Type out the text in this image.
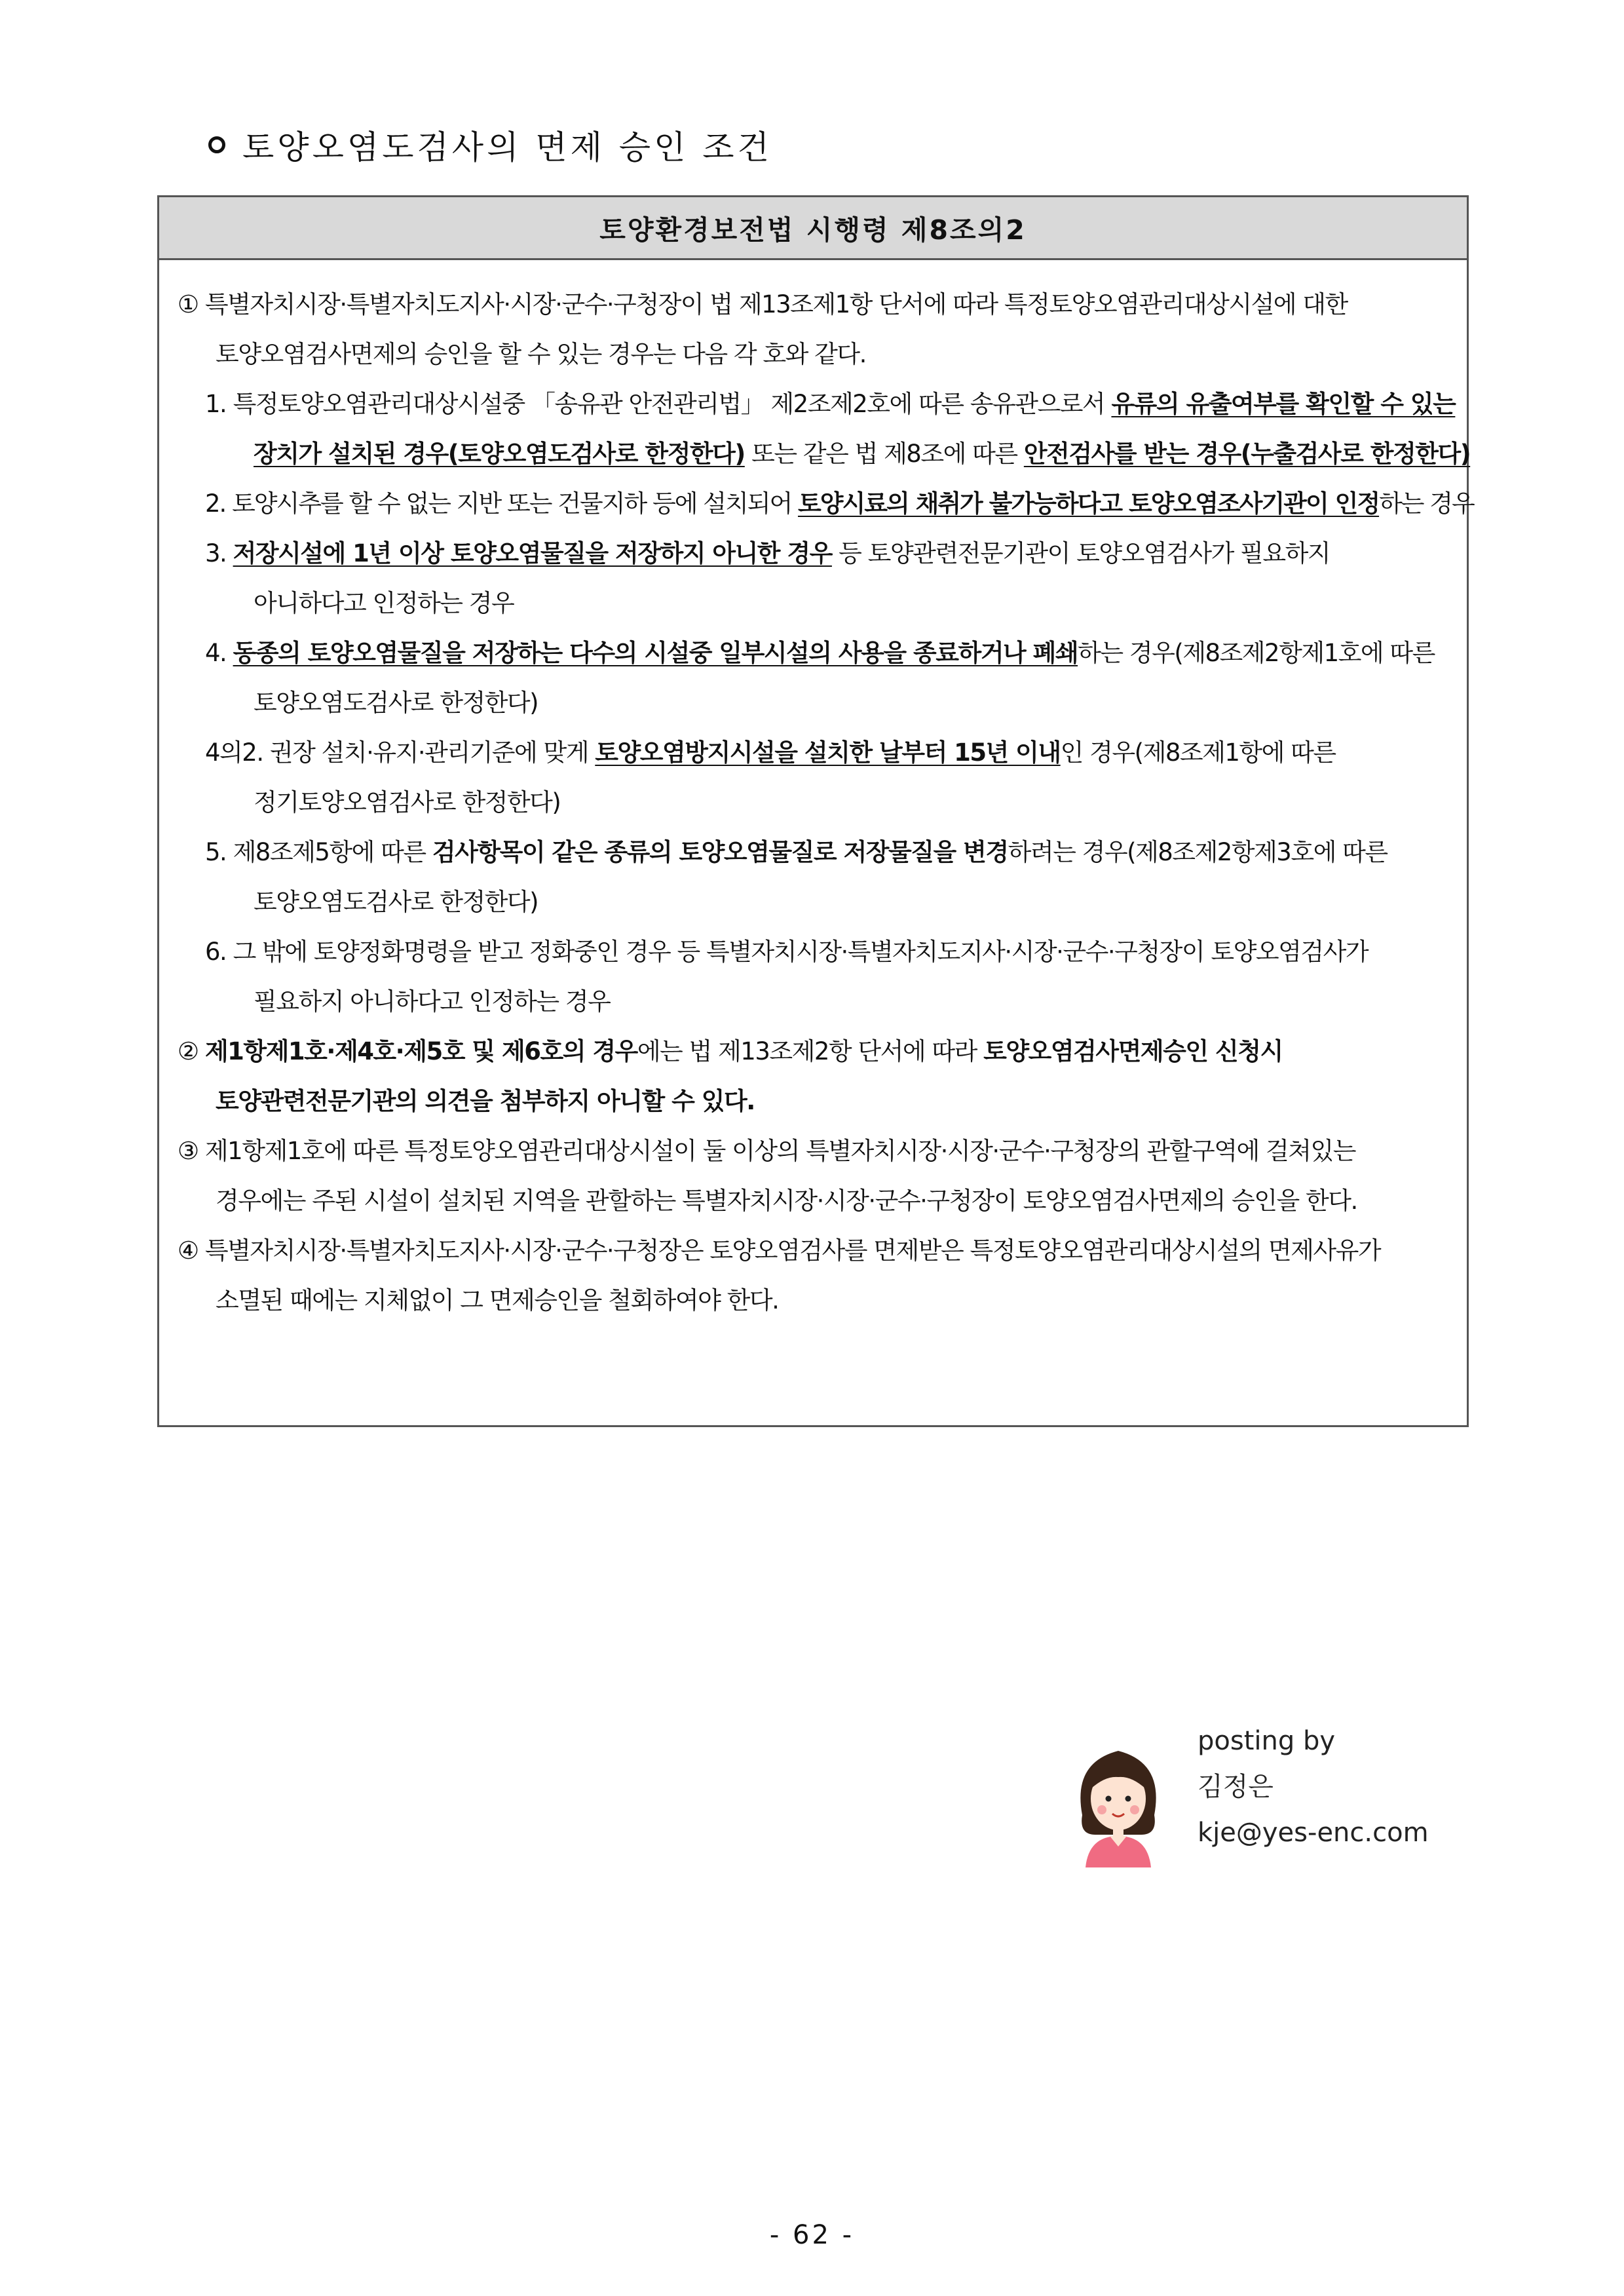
토양오염도검사의 면제 승인 조건
토양환경보전법 시행령 제8조의2
① 특별자치시장·특별자치도지사·시장·군수·구청장이 법 제13조제1항 단서에 따라 특정토양오염관리대상시설에 대한
토양오염검사면제의 승인을 할 수 있는 경우는 다음 각 호와 같다.
1. 특정토양오염관리대상시설중 「송유관 안전관리법」 제2조제2호에 따른 송유관으로서 유류의 유출여부를 확인할 수 있는
장치가 설치된 경우(토양오염도검사로 한정한다) 또는 같은 법 제8조에 따른 안전검사를 받는 경우(누출검사로 한정한다)
2. 토양시추를 할 수 없는 지반 또는 건물지하 등에 설치되어 토양시료의 채취가 불가능하다고 토양오염조사기관이 인정하는 경우
3. 저장시설에 1년 이상 토양오염물질을 저장하지 아니한 경우 등 토양관련전문기관이 토양오염검사가 필요하지
아니하다고 인정하는 경우
4. 동종의 토양오염물질을 저장하는 다수의 시설중 일부시설의 사용을 종료하거나 폐쇄하는 경우(제8조제2항제1호에 따른
토양오염도검사로 한정한다)
4의2. 권장 설치·유지·관리기준에 맞게 토양오염방지시설을 설치한 날부터 15년 이내인 경우(제8조제1항에 따른
정기토양오염검사로 한정한다)
5. 제8조제5항에 따른 검사항목이 같은 종류의 토양오염물질로 저장물질을 변경하려는 경우(제8조제2항제3호에 따른
토양오염도검사로 한정한다)
6. 그 밖에 토양정화명령을 받고 정화중인 경우 등 특별자치시장·특별자치도지사·시장·군수·구청장이 토양오염검사가
필요하지 아니하다고 인정하는 경우
② 제1항제1호·제4호·제5호 및 제6호의 경우에는 법 제13조제2항 단서에 따라 토양오염검사면제승인 신청시
토양관련전문기관의 의견을 첨부하지 아니할 수 있다.
③ 제1항제1호에 따른 특정토양오염관리대상시설이 둘 이상의 특별자치시장·시장·군수·구청장의 관할구역에 걸쳐있는
경우에는 주된 시설이 설치된 지역을 관할하는 특별자치시장·시장·군수·구청장이 토양오염검사면제의 승인을 한다.
④ 특별자치시장·특별자치도지사·시장·군수·구청장은 토양오염검사를 면제받은 특정토양오염관리대상시설의 면제사유가
소멸된 때에는 지체없이 그 면제승인을 철회하여야 한다.
posting by
김정은
kje@yes-enc.com
- 62 -
